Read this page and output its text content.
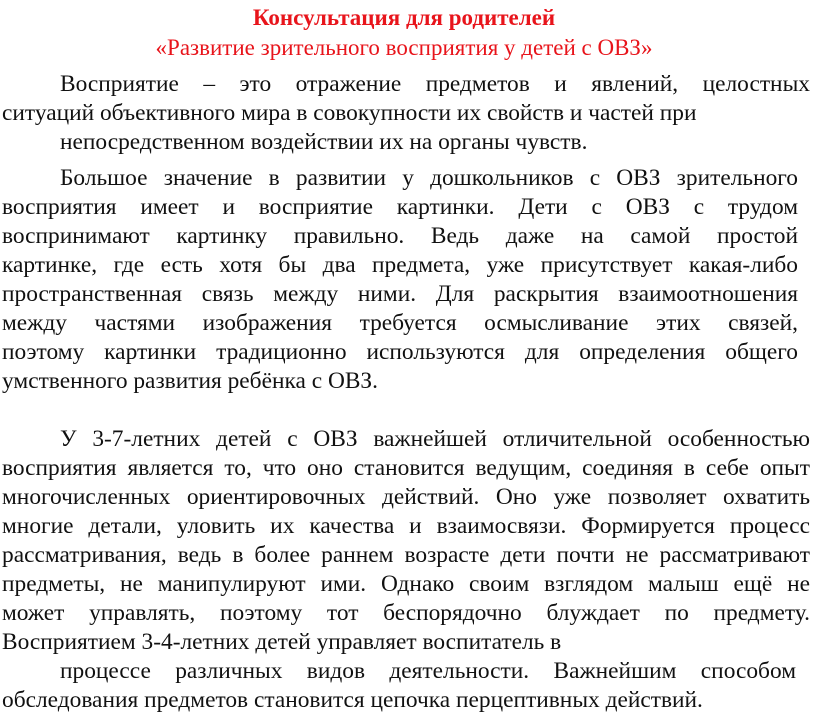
Консультация для родителей
«Развитие зрительного восприятия у детей с ОВЗ»

Восприятие – это отражение предметов и явлений, целостных

ситуаций объективного мира в совокупности их свойств и частей при

непосредственном воздействии их на органы чувств.

Большое значение в развитии у дошкольников с ОВЗ зрительного

восприятия имеет и восприятие картинки. Дети с ОВЗ с трудом

воспринимают картинку правильно. Ведь даже на самой простой

картинке, где есть хотя бы два предмета, уже присутствует какая-либо

пространственная связь между ними. Для раскрытия взаимоотношения

между частями изображения требуется осмысливание этих связей,

поэтому картинки традиционно используются для определения общего

умственного развития ребёнка с ОВЗ.

У 3-7-летних детей с ОВЗ важнейшей отличительной особенностью

восприятия является то, что оно становится ведущим, соединяя в себе опыт

многочисленных ориентировочных действий. Оно уже позволяет охватить

многие детали, уловить их качества и взаимосвязи. Формируется процесс

рассматривания, ведь в более раннем возрасте дети почти не рассматривают

предметы, не манипулируют ими. Однако своим взглядом малыш ещё не

может управлять, поэтому тот беспорядочно блуждает по предмету.

Восприятием 3-4-летних детей управляет воспитатель в

процессе различных видов деятельности. Важнейшим способом

обследования предметов становится цепочка перцептивных действий.
